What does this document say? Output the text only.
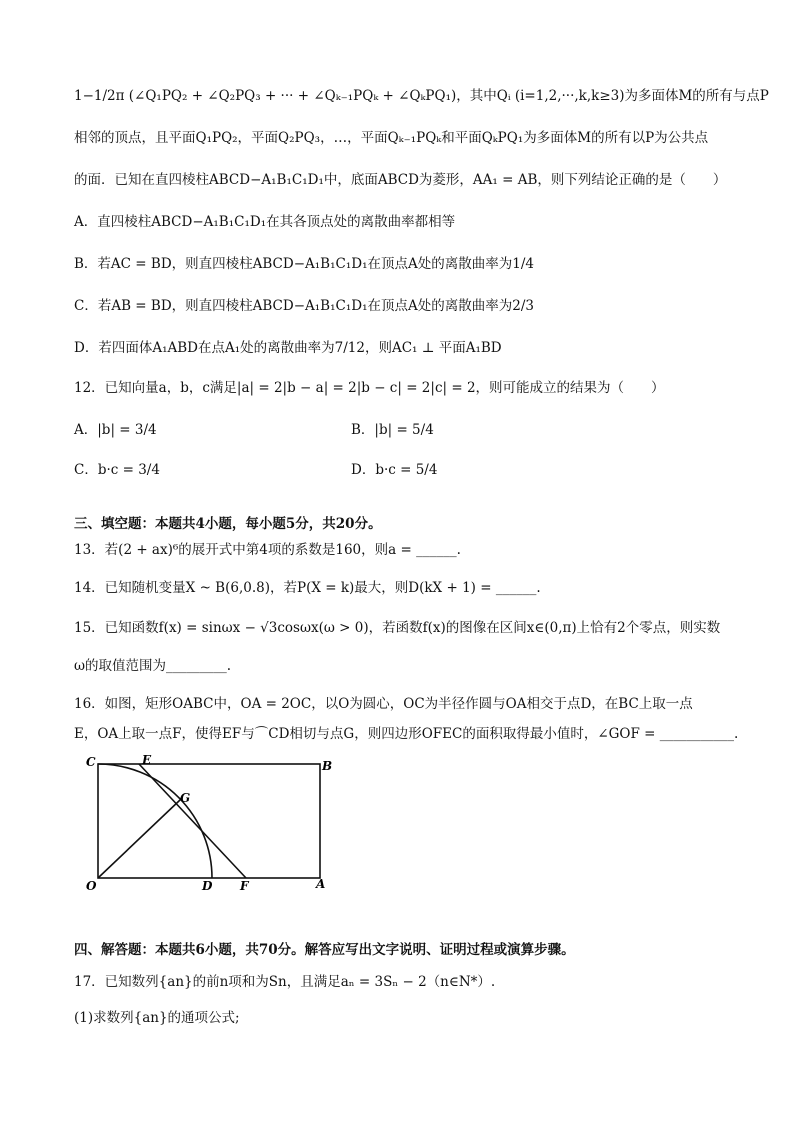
1−1/2π (∠Q₁PQ₂ + ∠Q₂PQ₃ + ··· + ∠Qₖ₋₁PQₖ + ∠QₖPQ₁)，其中Qᵢ (i=1,2,···,k,k≥3)为多面体M的所有与点P
相邻的顶点，且平面Q₁PQ₂，平面Q₂PQ₃，…，平面Qₖ₋₁PQₖ和平面QₖPQ₁为多面体M的所有以P为公共点
的面．已知在直四棱柱ABCD−A₁B₁C₁D₁中，底面ABCD为菱形，AA₁ = AB，则下列结论正确的是（　　）
A．直四棱柱ABCD−A₁B₁C₁D₁在其各顶点处的离散曲率都相等
B．若AC = BD，则直四棱柱ABCD−A₁B₁C₁D₁在顶点A处的离散曲率为1/4
C．若AB = BD，则直四棱柱ABCD−A₁B₁C₁D₁在顶点A处的离散曲率为2/3
D．若四面体A₁ABD在点A₁处的离散曲率为7/12，则AC₁ ⊥ 平面A₁BD
12．已知向量a，b，c满足|a| = 2|b − a| = 2|b − c| = 2|c| = 2，则可能成立的结果为（　　）
A．|b| = 3/4	B．|b| = 5/4
C．b·c = 3/4	D．b·c = 5/4
三、填空题：本题共4小题，每小题5分，共20分。
13．若(2 + ax)⁶的展开式中第4项的系数是160，则a = ______.
14．已知随机变量X ~ B(6,0.8)，若P(X = k)最大，则D(kX + 1) = ______.
15．已知函数f(x) = sinωx − √3cosωx(ω > 0)，若函数f(x)的图像在区间x∈(0,π)上恰有2个零点，则实数
ω的取值范围为_________.
16．如图，矩形OABC中，OA = 2OC，以O为圆心，OC为半径作圆与OA相交于点D，在BC上取一点
E，OA上取一点F，使得EF与⌒CD相切与点G，则四边形OFEC的面积取得最小值时，∠GOF = ___________.
C	E	B
G
O	D F	A
四、解答题：本题共6小题，共70分。解答应写出文字说明、证明过程或演算步骤。
17．已知数列{an}的前n项和为Sn，且满足aₙ = 3Sₙ − 2（n∈N*）.
(1)求数列{an}的通项公式;
